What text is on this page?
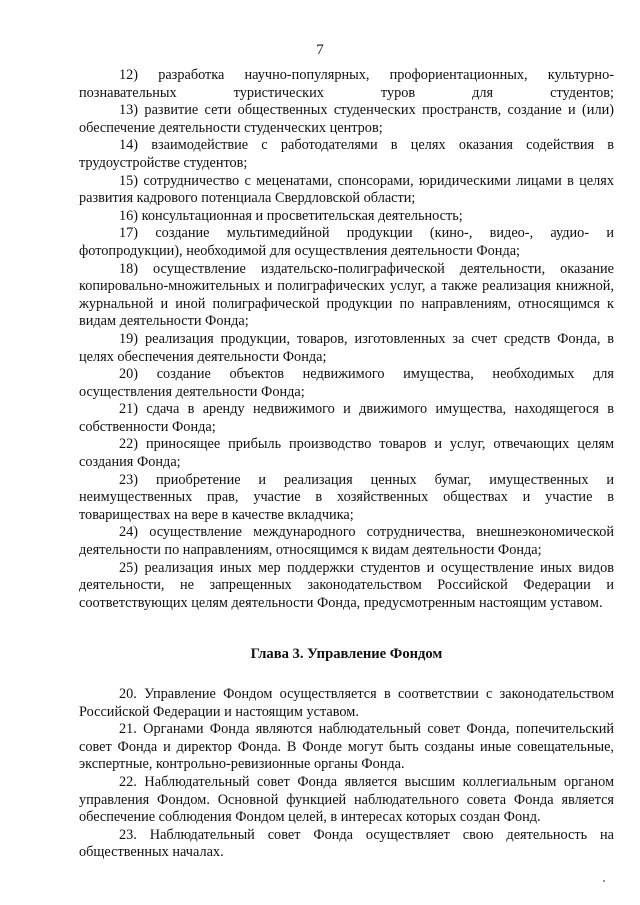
7

12) разработка научно-популярных, профориентационных, культурно-познавательных туристических туров для студентов;

13) развитие сети общественных студенческих пространств, создание и (или) обеспечение деятельности студенческих центров;

14) взаимодействие с работодателями в целях оказания содействия в трудоустройстве студентов;

15) сотрудничество с меценатами, спонсорами, юридическими лицами в целях развития кадрового потенциала Свердловской области;

16) консультационная и просветительская деятельность;

17) создание мультимедийной продукции (кино-, видео-, аудио- и фотопродукции), необходимой для осуществления деятельности Фонда;

18) осуществление издательско-полиграфической деятельности, оказание копировально-множительных и полиграфических услуг, а также реализация книжной, журнальной и иной полиграфической продукции по направлениям, относящимся к видам деятельности Фонда;

19) реализация продукции, товаров, изготовленных за счет средств Фонда, в целях обеспечения деятельности Фонда;

20) создание объектов недвижимого имущества, необходимых для осуществления деятельности Фонда;

21) сдача в аренду недвижимого и движимого имущества, находящегося в собственности Фонда;

22) приносящее прибыль производство товаров и услуг, отвечающих целям создания Фонда;

23) приобретение и реализация ценных бумаг, имущественных и неимущественных прав, участие в хозяйственных обществах и участие в товариществах на вере в качестве вкладчика;

24) осуществление международного сотрудничества, внешнеэкономической деятельности по направлениям, относящимся к видам деятельности Фонда;

25) реализация иных мер поддержки студентов и осуществление иных видов деятельности, не запрещенных законодательством Российской Федерации и соответствующих целям деятельности Фонда, предусмотренным настоящим уставом.

Глава 3. Управление Фондом

20. Управление Фондом осуществляется в соответствии с законодательством Российской Федерации и настоящим уставом.

21. Органами Фонда являются наблюдательный совет Фонда, попечительский совет Фонда и директор Фонда. В Фонде могут быть созданы иные совещательные, экспертные, контрольно-ревизионные органы Фонда.

22. Наблюдательный совет Фонда является высшим коллегиальным органом управления Фондом. Основной функцией наблюдательного совета Фонда является обеспечение соблюдения Фондом целей, в интересах которых создан Фонд.

23. Наблюдательный совет Фонда осуществляет свою деятельность на общественных началах.
